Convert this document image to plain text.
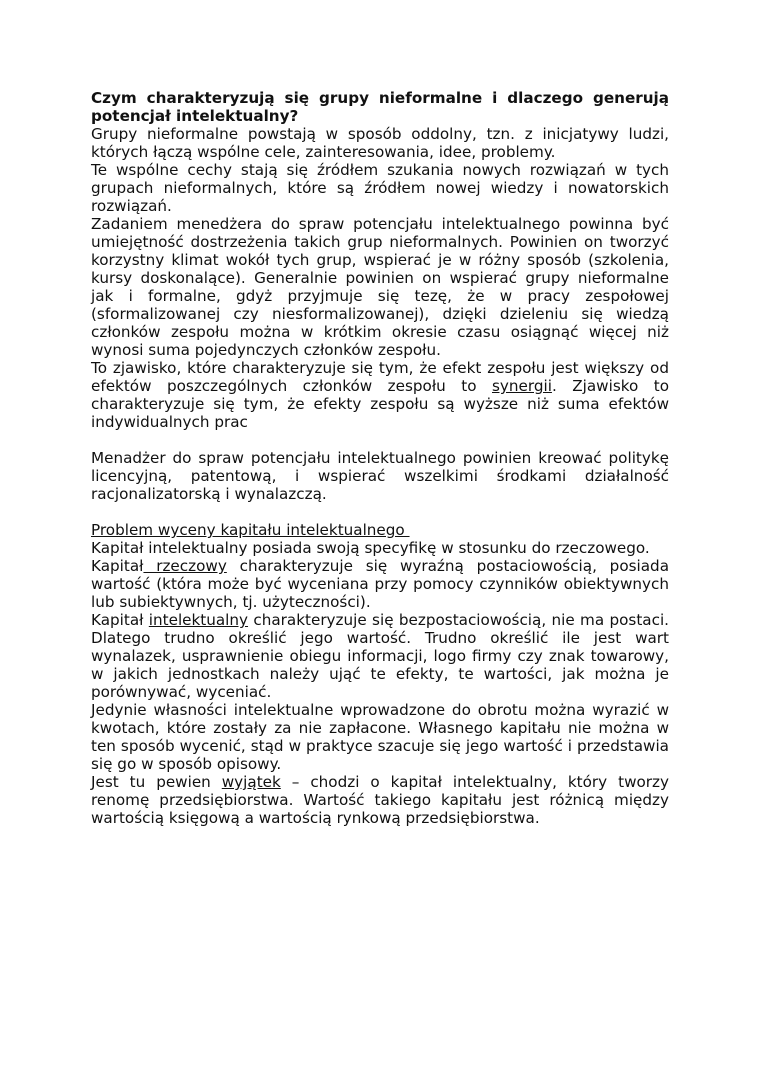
Czym charakteryzują się grupy nieformalne i dlaczego generują potencjał intelektualny?

Grupy nieformalne powstają w sposób oddolny, tzn. z inicjatywy ludzi, których łączą wspólne cele, zainteresowania, idee, problemy.

Te wspólne cechy stają się źródłem szukania nowych rozwiązań w tych grupach nieformalnych, które są źródłem nowej wiedzy i nowatorskich rozwiązań.

Zadaniem menedżera do spraw potencjału intelektualnego powinna być umiejętność dostrzeżenia takich grup nieformalnych. Powinien on tworzyć korzystny klimat wokół tych grup, wspierać je w różny sposób (szkolenia, kursy doskonalące). Generalnie powinien on wspierać grupy nieformalne jak i formalne, gdyż przyjmuje się tezę, że w pracy zespołowej (sformalizowanej czy niesformalizowanej), dzięki dzieleniu się wiedzą członków zespołu można w krótkim okresie czasu osiągnąć więcej niż wynosi suma pojedynczych członków zespołu.

To zjawisko, które charakteryzuje się tym, że efekt zespołu jest większy od efektów poszczególnych członków zespołu to synergii. Zjawisko to charakteryzuje się tym, że efekty zespołu są wyższe niż suma efektów indywidualnych prac

Menadżer do spraw potencjału intelektualnego powinien kreować politykę licencyjną, patentową, i wspierać wszelkimi środkami działalność racjonalizatorską i wynalazczą.

Problem wyceny kapitału intelektualnego

Kapitał intelektualny posiada swoją specyfikę w stosunku do rzeczowego.

Kapitał rzeczowy charakteryzuje się wyraźną postaciowością, posiada wartość (która może być wyceniana przy pomocy czynników obiektywnych lub subiektywnych, tj. użyteczności).

Kapitał intelektualny charakteryzuje się bezpostaciowością, nie ma postaci. Dlatego trudno określić jego wartość. Trudno określić ile jest wart wynalazek, usprawnienie obiegu informacji, logo firmy czy znak towarowy, w jakich jednostkach należy ująć te efekty, te wartości, jak można je porównywać, wyceniać.

Jedynie własności intelektualne wprowadzone do obrotu można wyrazić w kwotach, które zostały za nie zapłacone. Własnego kapitału nie można w ten sposób wycenić, stąd w praktyce szacuje się jego wartość i przedstawia się go w sposób opisowy.

Jest tu pewien wyjątek – chodzi o kapitał intelektualny, który tworzy renomę przedsiębiorstwa. Wartość takiego kapitału jest różnicą między wartością księgową a wartością rynkową przedsiębiorstwa.
